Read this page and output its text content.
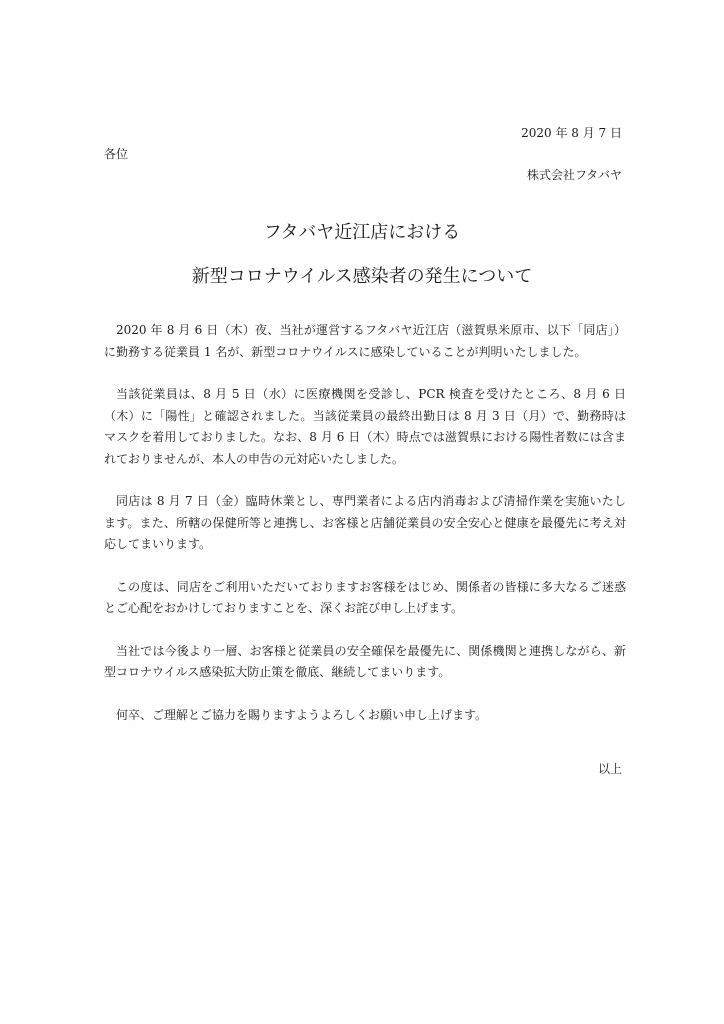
2020 年 8 月 7 日
各位
株式会社フタバヤ
フタバヤ近江店における
新型コロナウイルス感染者の発生について

2020 年 8 月 6 日（木）夜、当社が運営するフタバヤ近江店（滋賀県米原市、以下「同店」）に勤務する従業員 1 名が、新型コロナウイルスに感染していることが判明いたしました。

当該従業員は、8 月 5 日（水）に医療機関を受診し、PCR 検査を受けたところ、8 月 6 日（木）に「陽性」と確認されました。当該従業員の最終出勤日は 8 月 3 日（月）で、勤務時はマスクを着用しておりました。なお、8 月 6 日（木）時点では滋賀県における陽性者数には含まれておりませんが、本人の申告の元対応いたしました。

同店は 8 月 7 日（金）臨時休業とし、専門業者による店内消毒および清掃作業を実施いたします。また、所轄の保健所等と連携し、お客様と店舗従業員の安全安心と健康を最優先に考え対応してまいります。

この度は、同店をご利用いただいておりますお客様をはじめ、関係者の皆様に多大なるご迷惑とご心配をおかけしておりますことを、深くお詫び申し上げます。

当社では今後より一層、お客様と従業員の安全確保を最優先に、関係機関と連携しながら、新型コロナウイルス感染拡大防止策を徹底、継続してまいります。

何卒、ご理解とご協力を賜りますようよろしくお願い申し上げます。

以上
